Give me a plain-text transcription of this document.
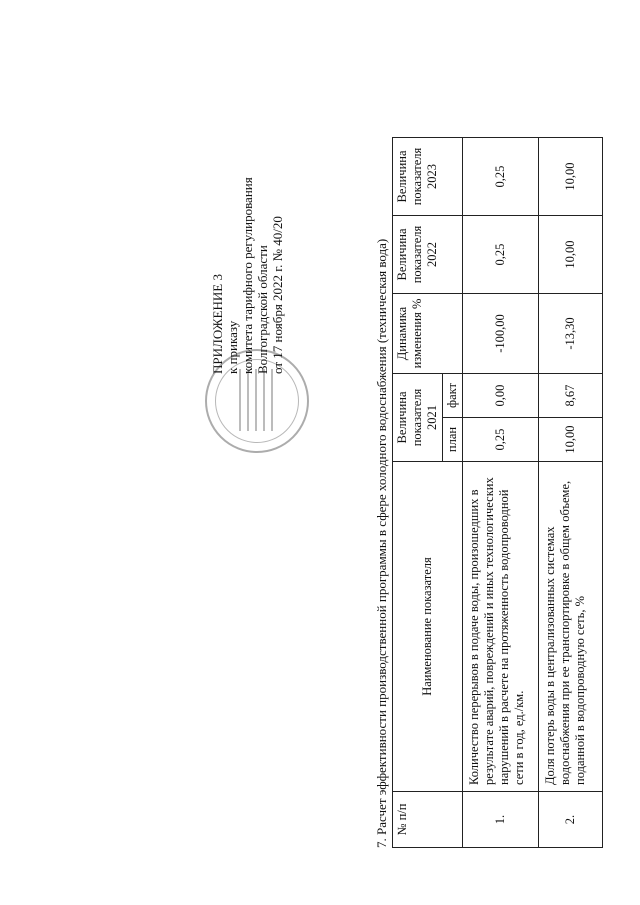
ПРИЛОЖЕНИЕ 3 к приказу комитета тарифного регулирования Волгоградской области от 17 ноября 2022 г. № 40/20	7. Расчет эффективности производственной программы в сфере холодного водоснабжения (техническая вода) № п/п	Наименование показателя	Величина показателя 2021		Динамика изменения %	Величина показателя 2022	Величина показателя 2023
		план	факт			
1.	Количество перерывов в подаче воды, произошедших в результате аварий, повреждений и иных технологических нарушений в расчете на протяженность водопроводной сети в год, ед./км.	0,25	0,00	-100,00	0,25	0,25
2.	Доля потерь воды в централизованных системах водоснабжения при ее транспортировке в общем объеме, поданной в водопроводную сеть, %	10,00	8,67	-13,30	10,00	10,00
